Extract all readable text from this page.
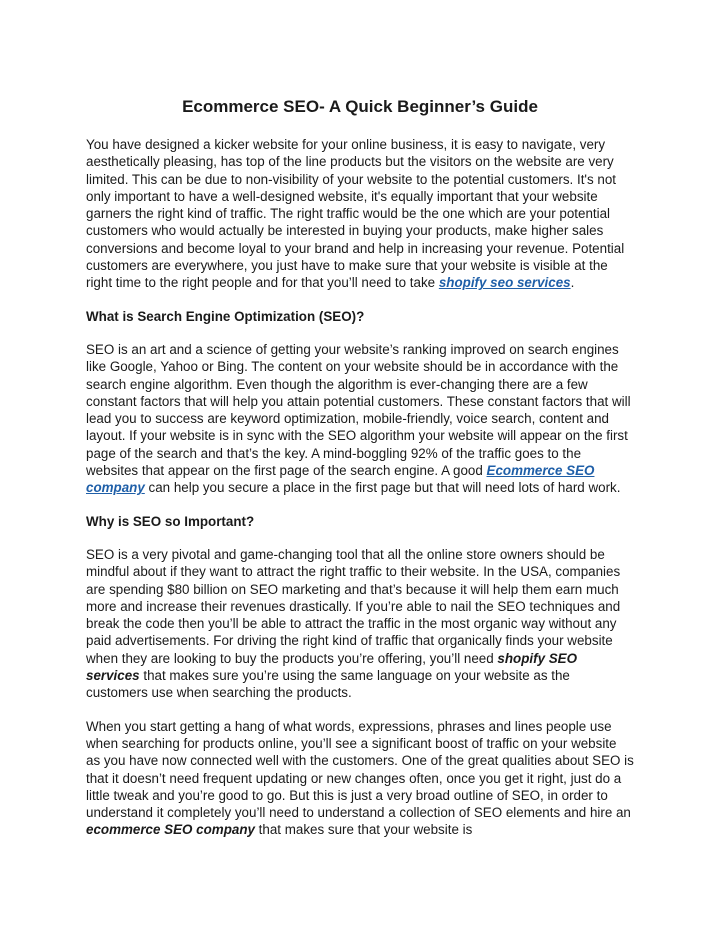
Ecommerce SEO- A Quick Beginner’s Guide

You have designed a kicker website for your online business, it is easy to navigate, very aesthetically pleasing, has top of the line products but the visitors on the website are very limited. This can be due to non-visibility of your website to the potential customers. It's not only important to have a well-designed website, it's equally important that your website garners the right kind of traffic. The right traffic would be the one which are your potential customers who would actually be interested in buying your products, make higher sales conversions and become loyal to your brand and help in increasing your revenue. Potential customers are everywhere, you just have to make sure that your website is visible at the right time to the right people and for that you’ll need to take shopify seo services.

What is Search Engine Optimization (SEO)?

SEO is an art and a science of getting your website’s ranking improved on search engines like Google, Yahoo or Bing. The content on your website should be in accordance with the search engine algorithm. Even though the algorithm is ever-changing there are a few constant factors that will help you attain potential customers. These constant factors that will lead you to success are keyword optimization, mobile-friendly, voice search, content and layout. If your website is in sync with the SEO algorithm your website will appear on the first page of the search and that’s the key. A mind-boggling 92% of the traffic goes to the websites that appear on the first page of the search engine. A good Ecommerce SEO company can help you secure a place in the first page but that will need lots of hard work.

Why is SEO so Important?

SEO is a very pivotal and game-changing tool that all the online store owners should be mindful about if they want to attract the right traffic to their website. In the USA, companies are spending $80 billion on SEO marketing and that’s because it will help them earn much more and increase their revenues drastically. If you’re able to nail the SEO techniques and break the code then you’ll be able to attract the traffic in the most organic way without any paid advertisements. For driving the right kind of traffic that organically finds your website when they are looking to buy the products you’re offering, you’ll need shopify SEO services that makes sure you’re using the same language on your website as the customers use when searching the products.

When you start getting a hang of what words, expressions, phrases and lines people use when searching for products online, you’ll see a significant boost of traffic on your website as you have now connected well with the customers. One of the great qualities about SEO is that it doesn’t need frequent updating or new changes often, once you get it right, just do a little tweak and you’re good to go. But this is just a very broad outline of SEO, in order to understand it completely you’ll need to understand a collection of SEO elements and hire an ecommerce SEO company that makes sure that your website is
